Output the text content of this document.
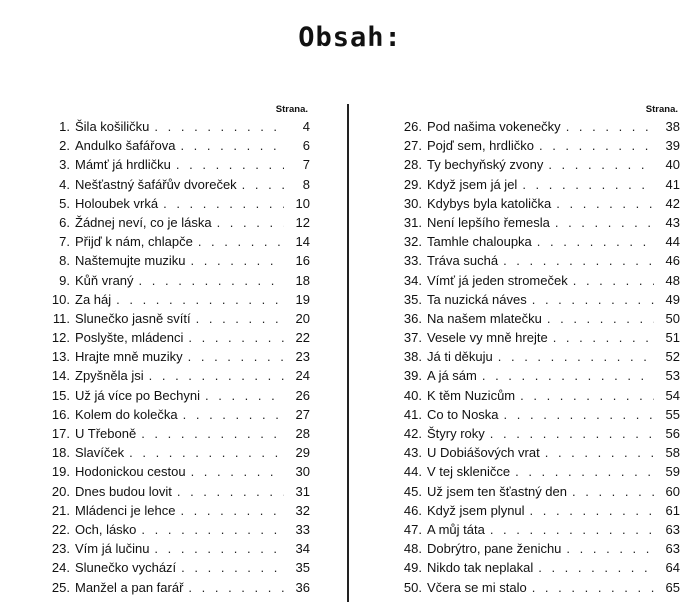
Obsah:
Strana.
1. Šila košiličku . . .	4
2. Andulko šafářova . . .	6
3. Mámť já hrdličku . . .	7
4. Nešťastný šafářův dvoreček . . .	8
5. Holoubek vrká . . .	10
6. Žádnej neví, co je láska . . .	12
7. Přijď k nám, chlapče . . .	14
8. Naštemujte muziku . . .	16
9. Kůň vraný . . .	18
10. Za háj . . .	19
11. Slunečko jasně svítí . . .	20
12. Poslyšte, mládenci . . .	22
13. Hrajte mně muziky . . .	23
14. Zpyšněla jsi . . .	24
15. Už já více po Bechyni . . .	26
16. Kolem do kolečka . . .	27
17. U Třeboně . . .	28
18. Slavíček . . .	29
19. Hodonickou cestou . . .	30
20. Dnes budou lovit . . .	31
21. Mládenci je lehce . . .	32
22. Och, lásko . . .	33
23. Vím já lučinu . . .	34
24. Slunečko vychází . . .	35
25. Manžel a pan farář . . .	36
Strana.
26. Pod našima vokenečky . . .	38
27. Pojď sem, hrdličko . . .	39
28. Ty bechyňský zvony . . .	40
29. Když jsem já jel . . .	41
30. Kdybys byla katolička . . .	42
31. Není lepšího řemesla . . .	43
32. Tamhle chaloupka . . .	44
33. Tráva suchá . . .	46
34. Vímť já jeden stromeček . . .	48
35. Ta nuzická náves . . .	49
36. Na našem mlatečku . . .	50
37. Vesele vy mně hrejte . . .	51
38. Já ti děkuju . . .	52
39. A já sám . . .	53
40. K těm Nuzicům . . .	54
41. Co to Noska . . .	55
42. Štyry roky . . .	56
43. U Dobiášových vrat . . .	58
44. V tej skleničce . . .	59
45. Už jsem ten šťastný den . . .	60
46. Když jsem plynul . . .	61
47. A můj táta . . .	63
48. Dobrýtro, pane ženichu . . .	63
49. Nikdo tak neplakal . . .	64
50. Včera se mi stalo . . .	65
